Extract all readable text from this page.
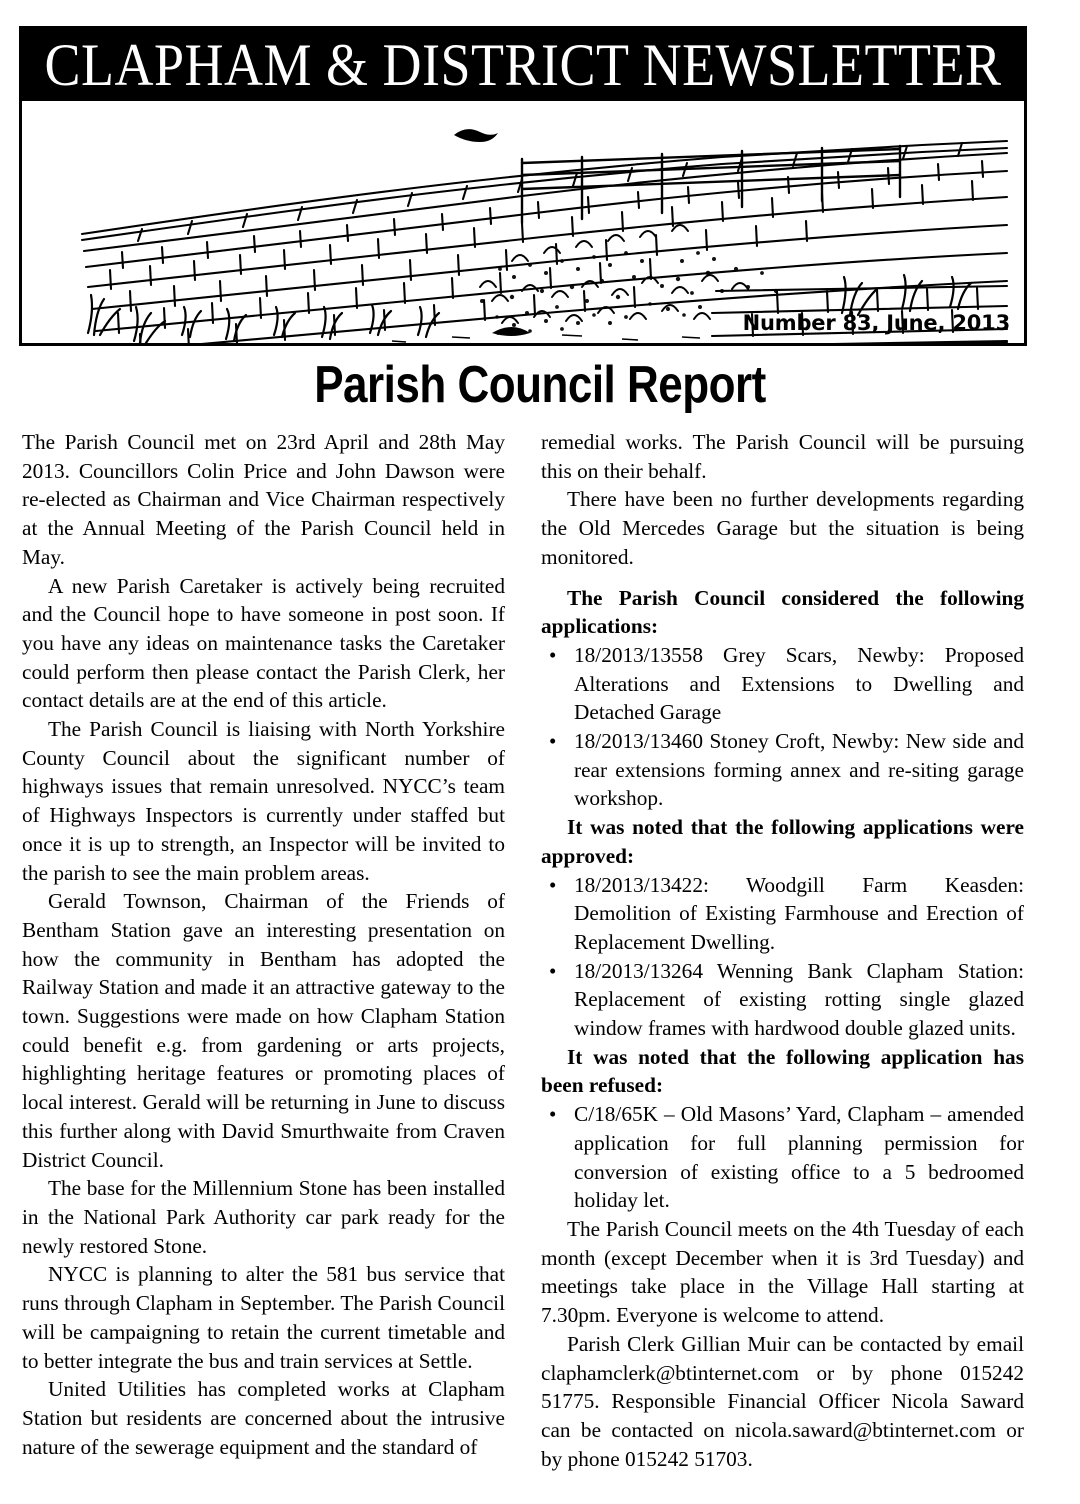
CLAPHAM & DISTRICT NEWSLETTER
Number 83, June, 2013
Parish Council Report

The Parish Council met on 23rd April and 28th May 2013. Councillors Colin Price and John Dawson were re-elected as Chairman and Vice Chairman respectively at the Annual Meeting of the Parish Council held in May.

A new Parish Caretaker is actively being recruited and the Council hope to have someone in post soon. If you have any ideas on maintenance tasks the Caretaker could perform then please contact the Parish Clerk, her contact details are at the end of this article.

The Parish Council is liaising with North Yorkshire County Council about the significant number of highways issues that remain unresolved. NYCC’s team of Highways Inspectors is currently under staffed but once it is up to strength, an Inspector will be invited to the parish to see the main problem areas.

Gerald Townson, Chairman of the Friends of Bentham Station gave an interesting presentation on how the community in Bentham has adopted the Railway Station and made it an attractive gateway to the town. Suggestions were made on how Clapham Station could benefit e.g. from gardening or arts projects, highlighting heritage features or promoting places of local interest. Gerald will be returning in June to discuss this further along with David Smurthwaite from Craven District Council.

The base for the Millennium Stone has been installed in the National Park Authority car park ready for the newly restored Stone.

NYCC is planning to alter the 581 bus service that runs through Clapham in September. The Parish Council will be campaigning to retain the current timetable and to better integrate the bus and train services at Settle.

United Utilities has completed works at Clapham Station but residents are concerned about the intrusive nature of the sewerage equipment and the standard of

remedial works. The Parish Council will be pursuing this on their behalf.

There have been no further developments regarding the Old Mercedes Garage but the situation is being monitored.

The Parish Council considered the following applications:

• 18/2013/13558 Grey Scars, Newby: Proposed Alterations and Extensions to Dwelling and Detached Garage
• 18/2013/13460 Stoney Croft, Newby: New side and rear extensions forming annex and re-siting garage workshop.

It was noted that the following applications were approved:

• 18/2013/13422: Woodgill Farm Keasden: Demolition of Existing Farmhouse and Erection of Replacement Dwelling.
• 18/2013/13264 Wenning Bank Clapham Station: Replacement of existing rotting single glazed window frames with hardwood double glazed units.

It was noted that the following application has been refused:

• C/18/65K – Old Masons’ Yard, Clapham – amended application for full planning permission for conversion of existing office to a 5 bedroomed holiday let.

The Parish Council meets on the 4th Tuesday of each month (except December when it is 3rd Tuesday) and meetings take place in the Village Hall starting at 7.30pm. Everyone is welcome to attend.

Parish Clerk Gillian Muir can be contacted by email claphamclerk@btinternet.com or by phone 015242 51775. Responsible Financial Officer Nicola Saward can be contacted on nicola.saward@btinternet.com or by phone 015242 51703.
